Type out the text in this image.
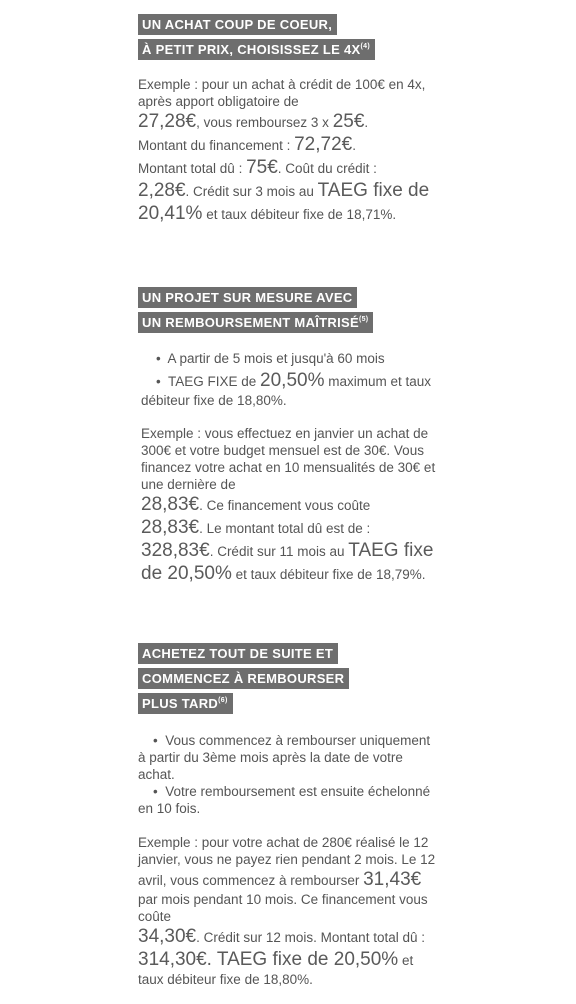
UN ACHAT COUP DE COEUR,
À PETIT PRIX, CHOISISSEZ LE $4X^{(4)}$

Exemple : pour un achat à crédit de 100€ en 4x, après apport obligatoire de
27,28€, vous remboursez 3 x 25€.
Montant du financement : 72,72€.
Montant total dû : 75€. Coût du crédit :
2,28€. Crédit sur 3 mois au TAEG fixe de 20,41% et taux débiteur fixe de 18,71%.

UN PROJET SUR MESURE AVEC
UN REMBOURSEMENT MAÎTRISÉ$^{(5)}$
• A partir de 5 mois et jusqu'à 60 mois
• TAEG FIXE de 20,50% maximum et taux débiteur fixe de 18,80%.

Exemple : vous effectuez en janvier un achat de 300€ et votre budget mensuel est de 30€. Vous financez votre achat en 10 mensualités de 30€ et une dernière de
28,83€. Ce financement vous coûte
28,83€. Le montant total dû est de :
328,83€. Crédit sur 11 mois au TAEG fixe de 20,50% et taux débiteur fixe de 18,79%.

ACHETEZ TOUT DE SUITE ET
COMMENCEZ À REMBOURSER
PLUS TARD$^{(6)}$
• Vous commencez à rembourser uniquement à partir du 3ème mois après la date de votre achat.
• Votre remboursement est ensuite échelonné en 10 fois.

Exemple : pour votre achat de 280€ réalisé le 12 janvier, vous ne payez rien pendant 2 mois. Le 12 avril, vous commencez à rembourser 31,43€ par mois pendant 10 mois. Ce financement vous coûte
34,30€. Crédit sur 12 mois. Montant total dû : 314,30€. TAEG fixe de 20,50% et taux débiteur fixe de 18,80%.
